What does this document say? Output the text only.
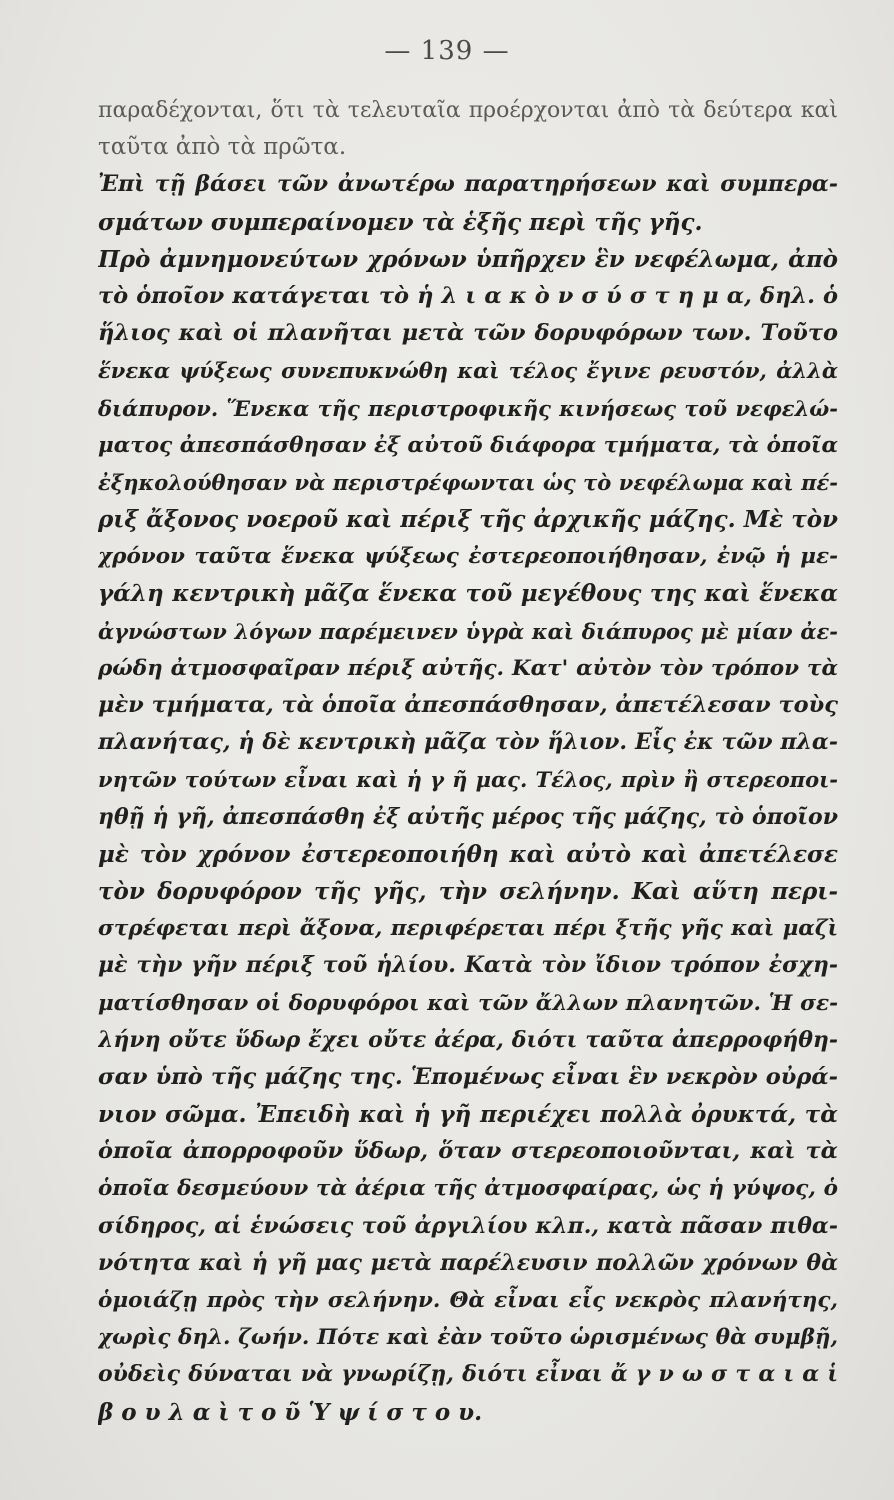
— 139 —
παραδέχονται, ὅτι τὰ τελευταῖα προέρχονται ἀπὸ τὰ δεύτερα καὶ
ταῦτα ἀπὸ τὰ πρῶτα.
Ἐπὶ τῇ βάσει τῶν ἀνωτέρω παρατηρήσεων καὶ συμπερα-
σμάτων συμπεραίνομεν τὰ ἑξῆς περὶ τῆς γῆς.
Πρὸ ἀμνημονεύτων χρόνων ὑπῆρχεν ἓν νεφέλωμα, ἀπὸ
τὸ ὁποῖον κατάγεται τὸ ἡ λ ι α κ ὸ ν σ ύ σ τ η μ α, δηλ. ὁ
ἥλιος καὶ οἱ πλανῆται μετὰ τῶν δορυφόρων των. Τοῦτο
ἕνεκα ψύξεως συνεπυκνώθη καὶ τέλος ἔγινε ρευστόν, ἀλλὰ
διάπυρον. Ἕνεκα τῆς περιστροφικῆς κινήσεως τοῦ νεφελώ-
ματος ἀπεσπάσθησαν ἐξ αὐτοῦ διάφορα τμήματα, τὰ ὁποῖα
ἐξηκολούθησαν νὰ περιστρέφωνται ὡς τὸ νεφέλωμα καὶ πέ-
ριξ ἄξονος νοεροῦ καὶ πέριξ τῆς ἀρχικῆς μάζης. Μὲ τὸν
χρόνον ταῦτα ἕνεκα ψύξεως ἐστερεοποιήθησαν, ἐνῷ ἡ με-
γάλη κεντρικὴ μᾶζα ἕνεκα τοῦ μεγέθους της καὶ ἕνεκα
ἀγνώστων λόγων παρέμεινεν ὑγρὰ καὶ διάπυρος μὲ μίαν ἀε-
ρώδη ἀτμοσφαῖραν πέριξ αὐτῆς. Κατ' αὐτὸν τὸν τρόπον τὰ
μὲν τμήματα, τὰ ὁποῖα ἀπεσπάσθησαν, ἀπετέλεσαν τοὺς
πλανήτας, ἡ δὲ κεντρικὴ μᾶζα τὸν ἥλιον. Εἷς ἐκ τῶν πλα-
νητῶν τούτων εἶναι καὶ ἡ γ ῆ μας. Τέλος, πρὶν ἢ στερεοποι-
ηθῇ ἡ γῆ, ἀπεσπάσθη ἐξ αὐτῆς μέρος τῆς μάζης, τὸ ὁποῖον
μὲ τὸν χρόνον ἐστερεοποιήθη καὶ αὐτὸ καὶ ἀπετέλεσε
τὸν δορυφόρον τῆς γῆς, τὴν σελήνην. Καὶ αὕτη περι-
στρέφεται περὶ ἄξονα, περιφέρεται πέρι ξτῆς γῆς καὶ μαζὶ
μὲ τὴν γῆν πέριξ τοῦ ἡλίου. Κατὰ τὸν ἴδιον τρόπον ἐσχη-
ματίσθησαν οἱ δορυφόροι καὶ τῶν ἄλλων πλανητῶν. Ἡ σε-
λήνη οὔτε ὕδωρ ἔχει οὔτε ἀέρα, διότι ταῦτα ἀπερροφήθη-
σαν ὑπὸ τῆς μάζης της. Ἑπομένως εἶναι ἓν νεκρὸν οὐρά-
νιον σῶμα. Ἐπειδὴ καὶ ἡ γῆ περιέχει πολλὰ ὀρυκτά, τὰ
ὁποῖα ἀπορροφοῦν ὕδωρ, ὅταν στερεοποιοῦνται, καὶ τὰ
ὁποῖα δεσμεύουν τὰ ἀέρια τῆς ἀτμοσφαίρας, ὡς ἡ γύψος, ὁ
σίδηρος, αἱ ἑνώσεις τοῦ ἀργιλίου κλπ., κατὰ πᾶσαν πιθα-
νότητα καὶ ἡ γῆ μας μετὰ παρέλευσιν πολλῶν χρόνων θὰ
ὁμοιάζῃ πρὸς τὴν σελήνην. Θὰ εἶναι εἷς νεκρὸς πλανήτης,
χωρὶς δηλ. ζωήν. Πότε καὶ ἐὰν τοῦτο ὡρισμένως θὰ συμβῇ,
οὐδεὶς δύναται νὰ γνωρίζῃ, διότι εἶναι ἄ γ ν ω σ τ α ι α ἱ
β ο υ λ α ὶ τ ο ῦ Ὑ ψ ί σ τ ο υ.
